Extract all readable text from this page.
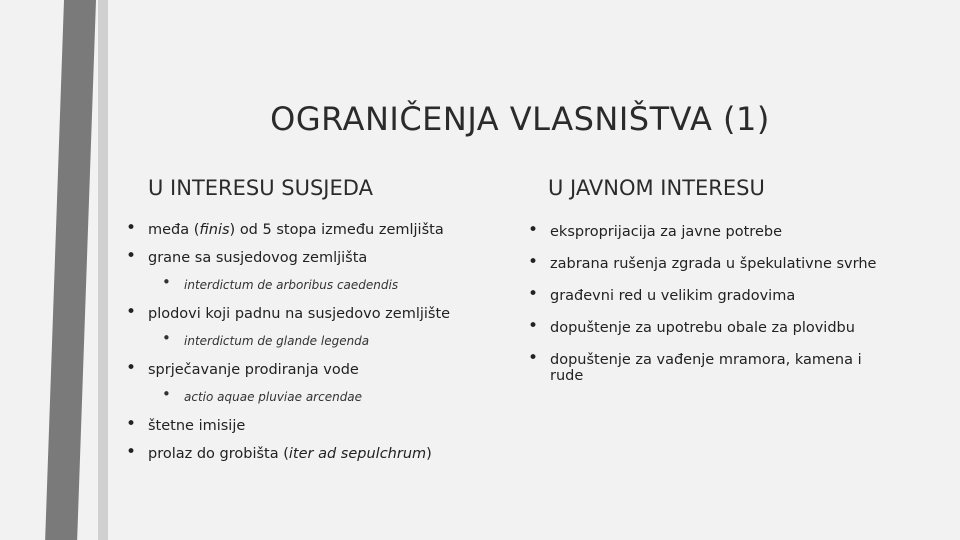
OGRANIČENJA VLASNIŠTVA (1)
U INTERESU SUSJEDA	U JAVNOM INTERESU
• međa (finis) od 5 stopa između zemljišta
• grane sa susjedovog zemljišta
• interdictum de arboribus caedendis
• plodovi koji padnu na susjedovo zemljište
• interdictum de glande legenda
• sprječavanje prodiranja vode
• actio aquae pluviae arcendae
• štetne imisije
• prolaz do grobišta (iter ad sepulchrum)
• eksproprijacija za javne potrebe
• zabrana rušenja zgrada u špekulativne svrhe
• građevni red u velikim gradovima
• dopuštenje za upotrebu obale za plovidbu
• dopuštenje za vađenje mramora, kamena i rude
